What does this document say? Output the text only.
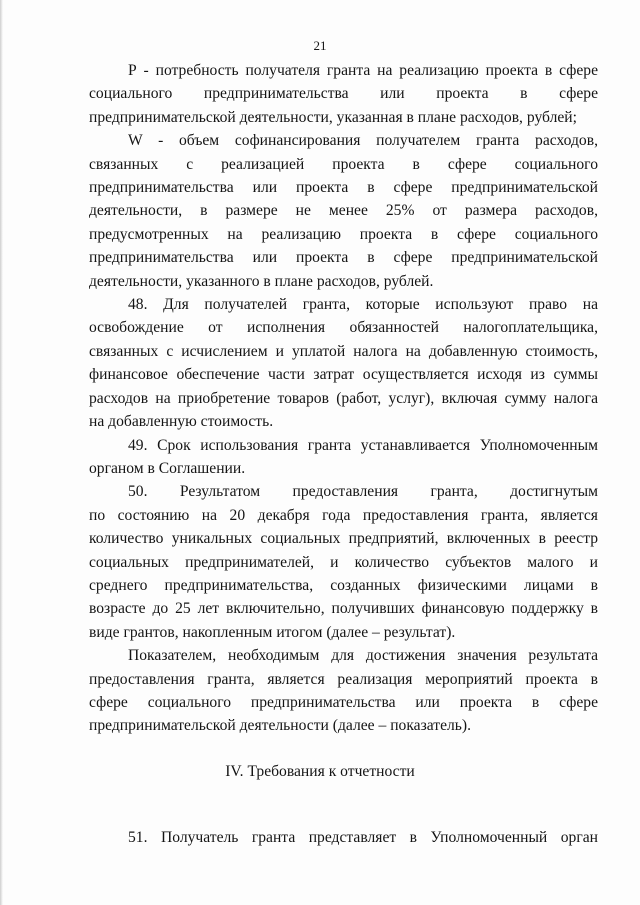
21
Р - потребность получателя гранта на реализацию проекта в сфере
социального предпринимательства или проекта в сфере
предпринимательской деятельности, указанная в плане расходов, рублей;
W - объем софинансирования получателем гранта расходов,
связанных с реализацией проекта в сфере социального
предпринимательства или проекта в сфере предпринимательской
деятельности, в размере не менее 25% от размера расходов,
предусмотренных на реализацию проекта в сфере социального
предпринимательства или проекта в сфере предпринимательской
деятельности, указанного в плане расходов, рублей.
48. Для получателей гранта, которые используют право на
освобождение от исполнения обязанностей налогоплательщика,
связанных с исчислением и уплатой налога на добавленную стоимость,
финансовое обеспечение части затрат осуществляется исходя из суммы
расходов на приобретение товаров (работ, услуг), включая сумму налога
на добавленную стоимость.
49. Срок использования гранта устанавливается Уполномоченным
органом в Соглашении.
50. Результатом предоставления гранта, достигнутым
по состоянию на 20 декабря года предоставления гранта, является
количество уникальных социальных предприятий, включенных в реестр
социальных предпринимателей, и количество субъектов малого и
среднего предпринимательства, созданных физическими лицами в
возрасте до 25 лет включительно, получивших финансовую поддержку в
виде грантов, накопленным итогом (далее – результат).
Показателем, необходимым для достижения значения результата
предоставления гранта, является реализация мероприятий проекта в
сфере социального предпринимательства или проекта в сфере
предпринимательской деятельности (далее – показатель).
IV. Требования к отчетности
51. Получатель гранта представляет в Уполномоченный орган
